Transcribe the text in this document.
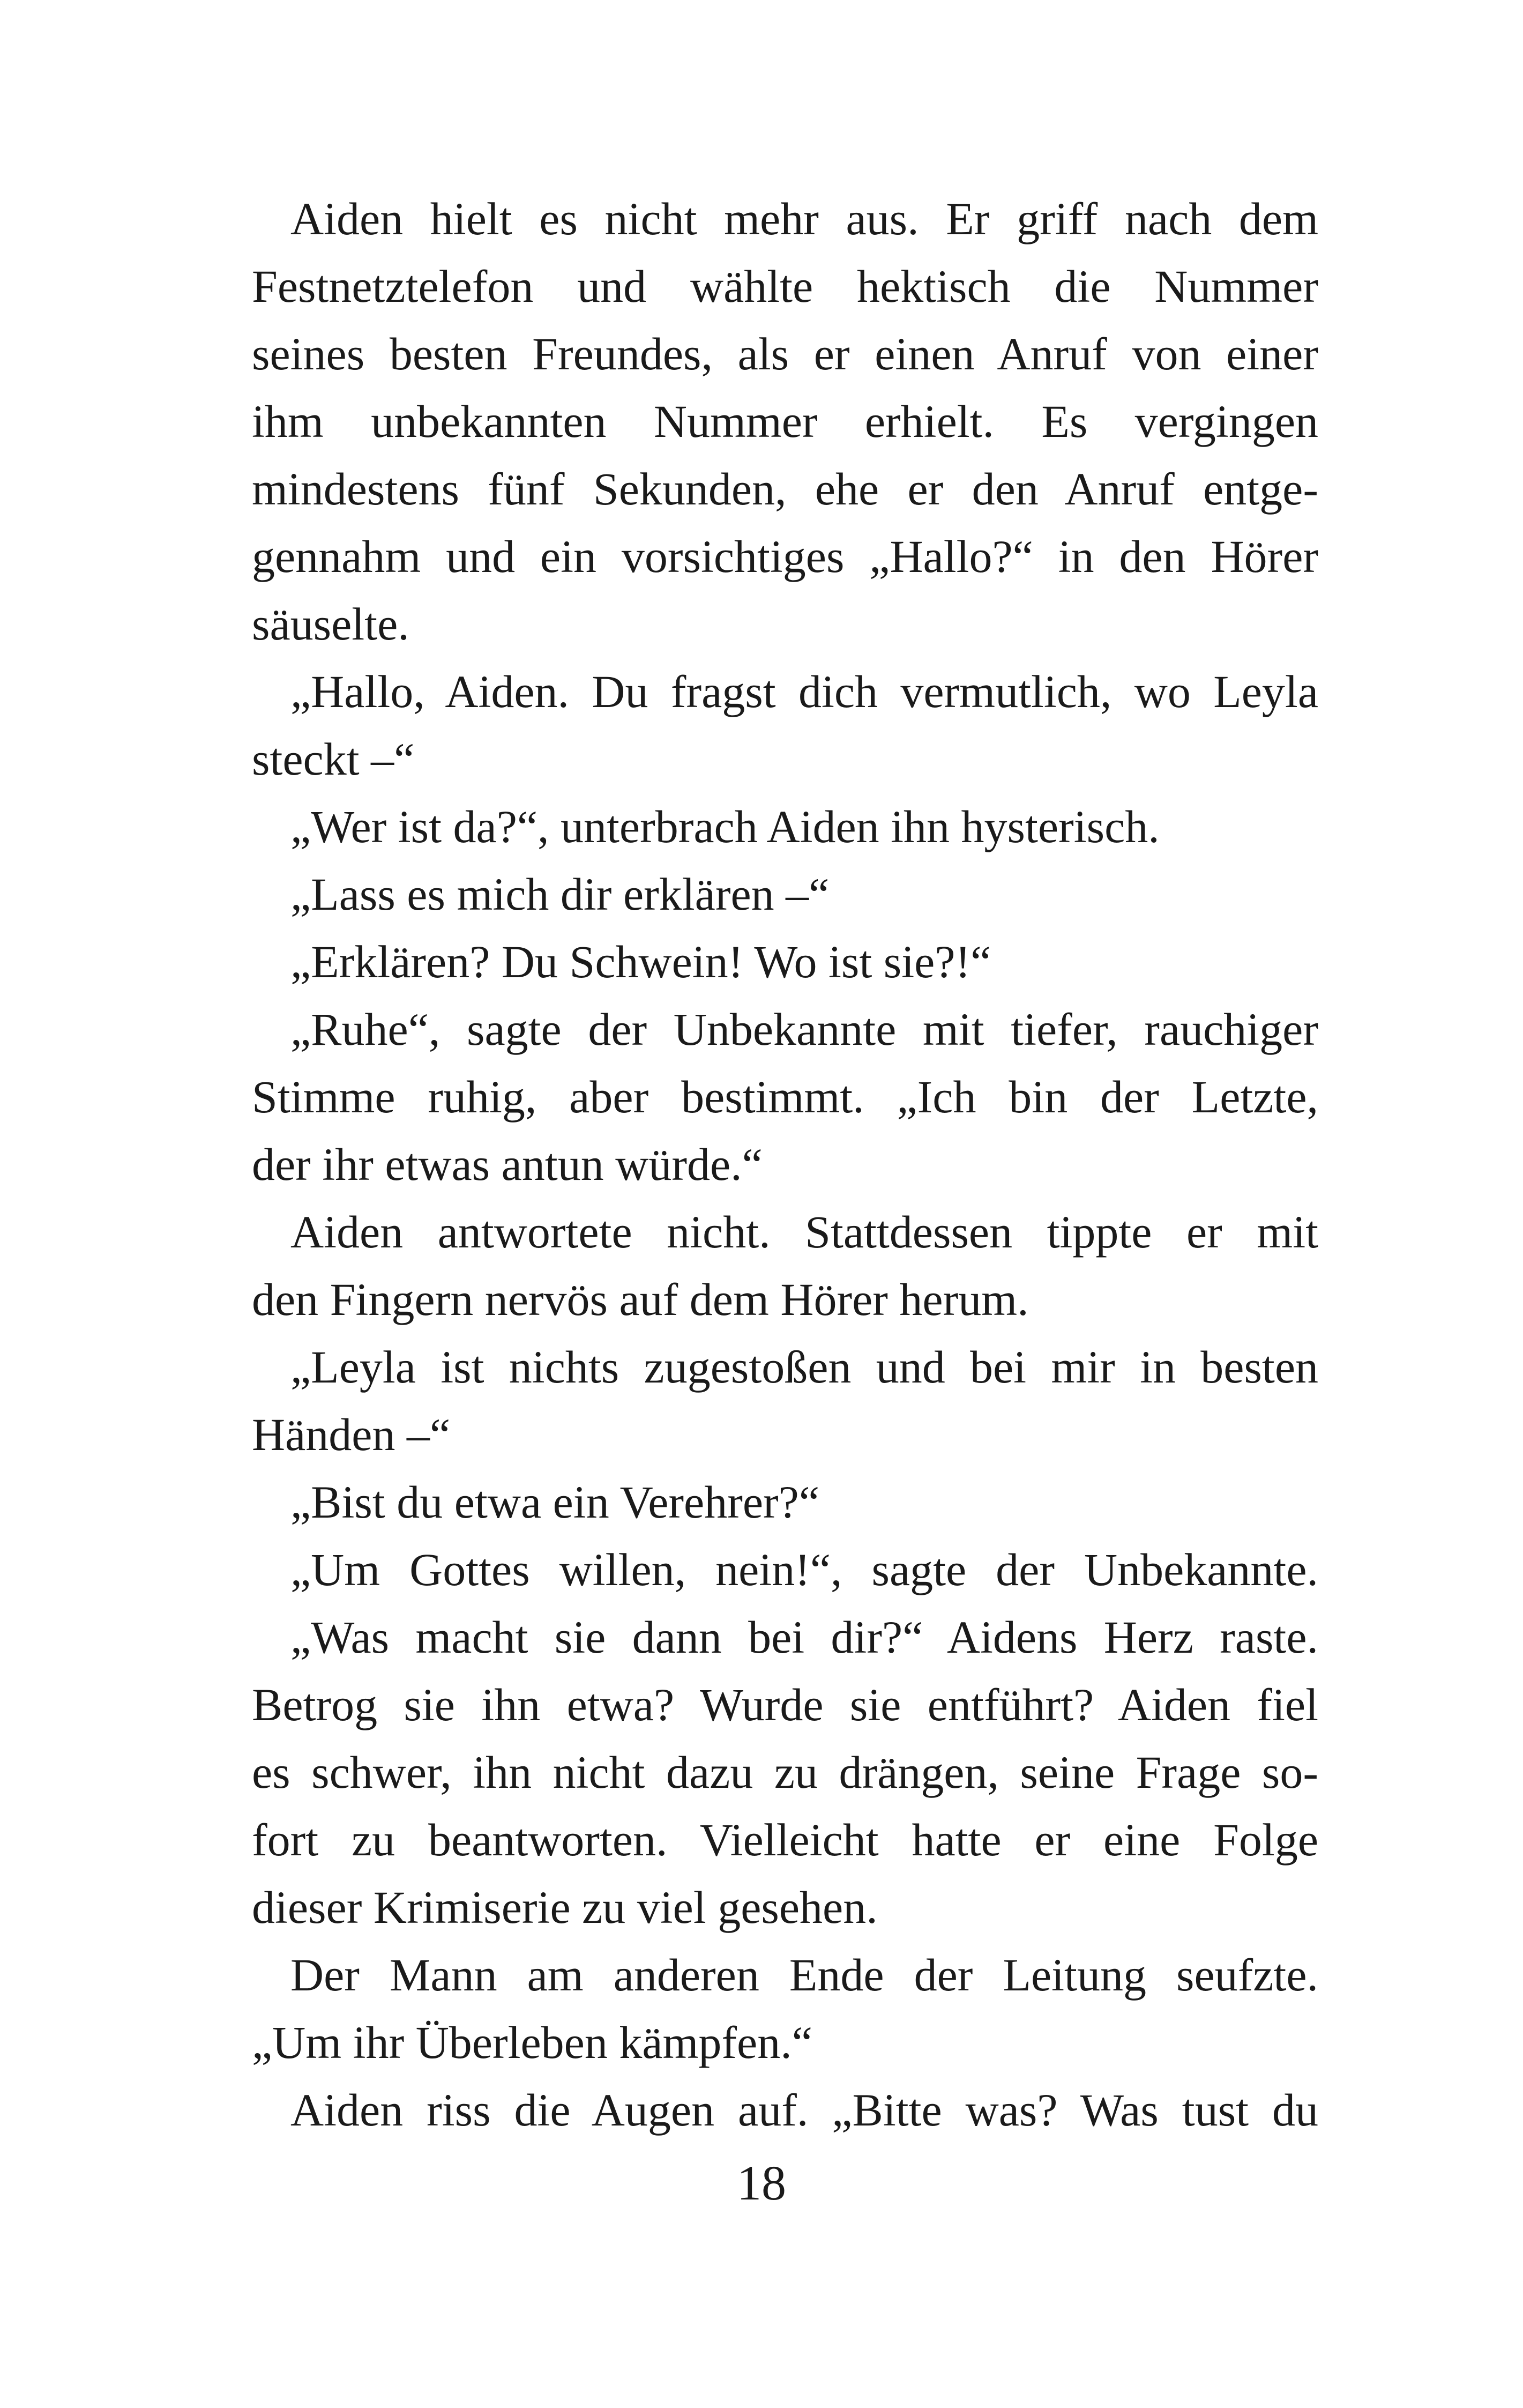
Aiden hielt es nicht mehr aus. Er griff nach dem
Festnetztelefon und wählte hektisch die Nummer
seines besten Freundes, als er einen Anruf von einer
ihm unbekannten Nummer erhielt. Es vergingen
mindestens fünf Sekunden, ehe er den Anruf entge-
gennahm und ein vorsichtiges „Hallo?“ in den Hörer
säuselte.
„Hallo, Aiden. Du fragst dich vermutlich, wo Leyla
steckt –“
„Wer ist da?“, unterbrach Aiden ihn hysterisch.
„Lass es mich dir erklären –“
„Erklären? Du Schwein! Wo ist sie?!“
„Ruhe“, sagte der Unbekannte mit tiefer, rauchiger
Stimme ruhig, aber bestimmt. „Ich bin der Letzte,
der ihr etwas antun würde.“
Aiden antwortete nicht. Stattdessen tippte er mit
den Fingern nervös auf dem Hörer herum.
„Leyla ist nichts zugestoßen und bei mir in besten
Händen –“
„Bist du etwa ein Verehrer?“
„Um Gottes willen, nein!“, sagte der Unbekannte.
„Was macht sie dann bei dir?“ Aidens Herz raste.
Betrog sie ihn etwa? Wurde sie entführt? Aiden fiel
es schwer, ihn nicht dazu zu drängen, seine Frage so-
fort zu beantworten. Vielleicht hatte er eine Folge
dieser Krimiserie zu viel gesehen.
Der Mann am anderen Ende der Leitung seufzte.
„Um ihr Überleben kämpfen.“
Aiden riss die Augen auf. „Bitte was? Was tust du
18
